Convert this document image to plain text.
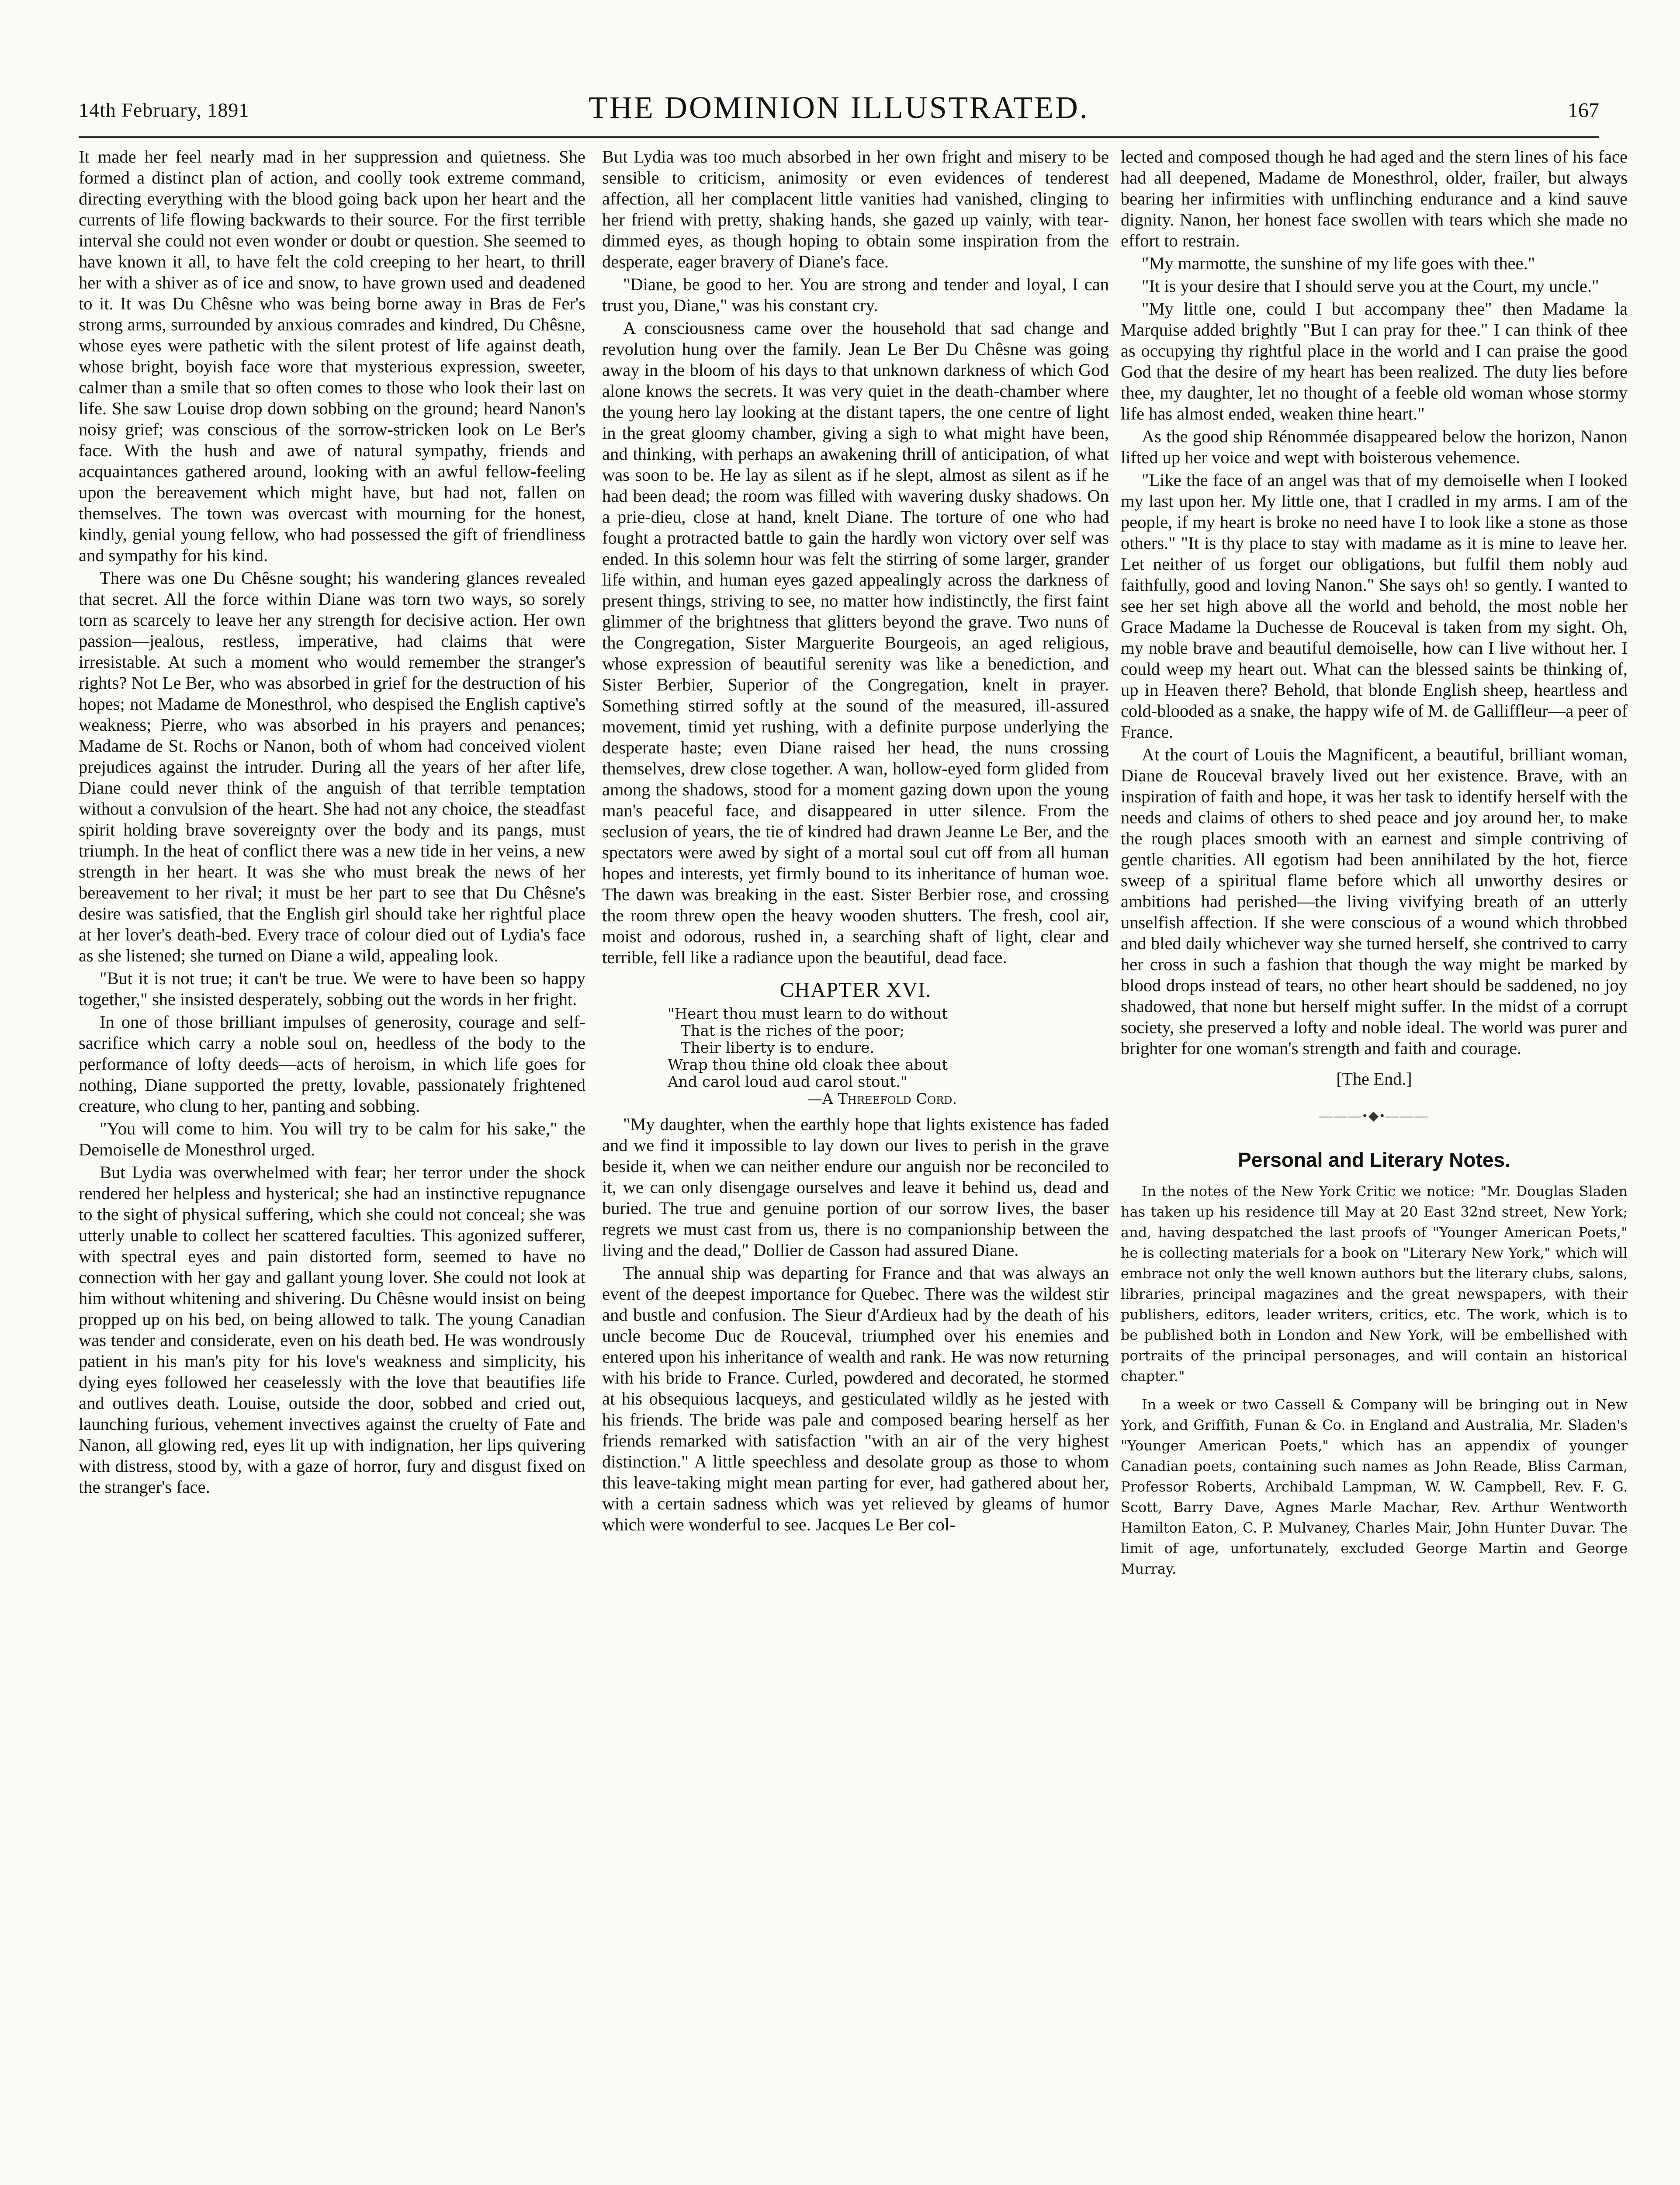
14th February, 1891	THE DOMINION ILLUSTRATED.	167

It made her feel nearly mad in her suppression and quietness. She formed a distinct plan of action, and coolly took extreme command, directing everything with the blood going back upon her heart and the currents of life flowing backwards to their source. For the first terrible interval she could not even wonder or doubt or question. She seemed to have known it all, to have felt the cold creeping to her heart, to thrill her with a shiver as of ice and snow, to have grown used and deadened to it. It was Du Chêsne who was being borne away in Bras de Fer's strong arms, surrounded by anxious comrades and kindred, Du Chêsne, whose eyes were pathetic with the silent protest of life against death, whose bright, boyish face wore that mysterious expression, sweeter, calmer than a smile that so often comes to those who look their last on life. She saw Louise drop down sobbing on the ground; heard Nanon's noisy grief; was conscious of the sorrow-stricken look on Le Ber's face. With the hush and awe of natural sympathy, friends and acquaintances gathered around, looking with an awful fellow-feeling upon the bereavement which might have, but had not, fallen on themselves. The town was overcast with mourning for the honest, kindly, genial young fellow, who had possessed the gift of friendliness and sympathy for his kind.

There was one Du Chêsne sought; his wandering glances revealed that secret. All the force within Diane was torn two ways, so sorely torn as scarcely to leave her any strength for decisive action. Her own passion—jealous, restless, imperative, had claims that were irresistable. At such a moment who would remember the stranger's rights? Not Le Ber, who was absorbed in grief for the destruction of his hopes; not Madame de Monesthrol, who despised the English captive's weakness; Pierre, who was absorbed in his prayers and penances; Madame de St. Rochs or Nanon, both of whom had conceived violent prejudices against the intruder. During all the years of her after life, Diane could never think of the anguish of that terrible temptation without a convulsion of the heart. She had not any choice, the steadfast spirit holding brave sovereignty over the body and its pangs, must triumph. In the heat of conflict there was a new tide in her veins, a new strength in her heart. It was she who must break the news of her bereavement to her rival; it must be her part to see that Du Chêsne's desire was satisfied, that the English girl should take her rightful place at her lover's death-bed. Every trace of colour died out of Lydia's face as she listened; she turned on Diane a wild, appealing look.

"But it is not true; it can't be true. We were to have been so happy together," she insisted desperately, sobbing out the words in her fright.

In one of those brilliant impulses of generosity, courage and self-sacrifice which carry a noble soul on, heedless of the body to the performance of lofty deeds—acts of heroism, in which life goes for nothing, Diane supported the pretty, lovable, passionately frightened creature, who clung to her, panting and sobbing.

"You will come to him. You will try to be calm for his sake," the Demoiselle de Monesthrol urged.

But Lydia was overwhelmed with fear; her terror under the shock rendered her helpless and hysterical; she had an instinctive repugnance to the sight of physical suffering, which she could not conceal; she was utterly unable to collect her scattered faculties. This agonized sufferer, with spectral eyes and pain distorted form, seemed to have no connection with her gay and gallant young lover. She could not look at him without whitening and shivering. Du Chêsne would insist on being propped up on his bed, on being allowed to talk. The young Canadian was tender and considerate, even on his death bed. He was wondrously patient in his man's pity for his love's weakness and simplicity, his dying eyes followed her ceaselessly with the love that beautifies life and outlives death. Louise, outside the door, sobbed and cried out, launching furious, vehement invectives against the cruelty of Fate and Nanon, all glowing red, eyes lit up with indignation, her lips quivering with distress, stood by, with a gaze of horror, fury and disgust fixed on the stranger's face.

But Lydia was too much absorbed in her own fright and misery to be sensible to criticism, animosity or even evidences of tenderest affection, all her complacent little vanities had vanished, clinging to her friend with pretty, shaking hands, she gazed up vainly, with tear-dimmed eyes, as though hoping to obtain some inspiration from the desperate, eager bravery of Diane's face.

"Diane, be good to her. You are strong and tender and loyal, I can trust you, Diane," was his constant cry.

A consciousness came over the household that sad change and revolution hung over the family. Jean Le Ber Du Chêsne was going away in the bloom of his days to that unknown darkness of which God alone knows the secrets. It was very quiet in the death-chamber where the young hero lay looking at the distant tapers, the one centre of light in the great gloomy chamber, giving a sigh to what might have been, and thinking, with perhaps an awakening thrill of anticipation, of what was soon to be. He lay as silent as if he slept, almost as silent as if he had been dead; the room was filled with wavering dusky shadows. On a prie-dieu, close at hand, knelt Diane. The torture of one who had fought a protracted battle to gain the hardly won victory over self was ended. In this solemn hour was felt the stirring of some larger, grander life within, and human eyes gazed appealingly across the darkness of present things, striving to see, no matter how indistinctly, the first faint glimmer of the brightness that glitters beyond the grave. Two nuns of the Congregation, Sister Marguerite Bourgeois, an aged religious, whose expression of beautiful serenity was like a benediction, and Sister Berbier, Superior of the Congregation, knelt in prayer. Something stirred softly at the sound of the measured, ill-assured movement, timid yet rushing, with a definite purpose underlying the desperate haste; even Diane raised her head, the nuns crossing themselves, drew close together. A wan, hollow-eyed form glided from among the shadows, stood for a moment gazing down upon the young man's peaceful face, and disappeared in utter silence. From the seclusion of years, the tie of kindred had drawn Jeanne Le Ber, and the spectators were awed by sight of a mortal soul cut off from all human hopes and interests, yet firmly bound to its inheritance of human woe. The dawn was breaking in the east. Sister Berbier rose, and crossing the room threw open the heavy wooden shutters. The fresh, cool air, moist and odorous, rushed in, a searching shaft of light, clear and terrible, fell like a radiance upon the beautiful, dead face.

CHAPTER XVI.
"Heart thou must learn to do without
That is the riches of the poor;
Their liberty is to endure.
Wrap thou thine old cloak thee about
And carol loud aud carol stout."
—A Threefold Cord.

"My daughter, when the earthly hope that lights existence has faded and we find it impossible to lay down our lives to perish in the grave beside it, when we can neither endure our anguish nor be reconciled to it, we can only disengage ourselves and leave it behind us, dead and buried. The true and genuine portion of our sorrow lives, the baser regrets we must cast from us, there is no companionship between the living and the dead," Dollier de Casson had assured Diane.

The annual ship was departing for France and that was always an event of the deepest importance for Quebec. There was the wildest stir and bustle and confusion. The Sieur d'Ardieux had by the death of his uncle become Duc de Rouceval, triumphed over his enemies and entered upon his inheritance of wealth and rank. He was now returning with his bride to France. Curled, powdered and decorated, he stormed at his obsequious lacqueys, and gesticulated wildly as he jested with his friends. The bride was pale and composed bearing herself as her friends remarked with satisfaction "with an air of the very highest distinction." A little speechless and desolate group as those to whom this leave-taking might mean parting for ever, had gathered about her, with a certain sadness which was yet relieved by gleams of humor which were wonderful to see. Jacques Le Ber col-

lected and composed though he had aged and the stern lines of his face had all deepened, Madame de Monesthrol, older, frailer, but always bearing her infirmities with unflinching endurance and a kind sauve dignity. Nanon, her honest face swollen with tears which she made no effort to restrain.

"My marmotte, the sunshine of my life goes with thee."

"It is your desire that I should serve you at the Court, my uncle."

"My little one, could I but accompany thee" then Madame la Marquise added brightly "But I can pray for thee." I can think of thee as occupying thy rightful place in the world and I can praise the good God that the desire of my heart has been realized. The duty lies before thee, my daughter, let no thought of a feeble old woman whose stormy life has almost ended, weaken thine heart."

As the good ship Rénommée disappeared below the horizon, Nanon lifted up her voice and wept with boisterous vehemence.

"Like the face of an angel was that of my demoiselle when I looked my last upon her. My little one, that I cradled in my arms. I am of the people, if my heart is broke no need have I to look like a stone as those others." "It is thy place to stay with madame as it is mine to leave her. Let neither of us forget our obligations, but fulfil them nobly aud faithfully, good and loving Nanon." She says oh! so gently. I wanted to see her set high above all the world and behold, the most noble her Grace Madame la Duchesse de Rouceval is taken from my sight. Oh, my noble brave and beautiful demoiselle, how can I live without her. I could weep my heart out. What can the blessed saints be thinking of, up in Heaven there? Behold, that blonde English sheep, heartless and cold-blooded as a snake, the happy wife of M. de Galliffleur—a peer of France.

At the court of Louis the Magnificent, a beautiful, brilliant woman, Diane de Rouceval bravely lived out her existence. Brave, with an inspiration of faith and hope, it was her task to identify herself with the needs and claims of others to shed peace and joy around her, to make the rough places smooth with an earnest and simple contriving of gentle charities. All egotism had been annihilated by the hot, fierce sweep of a spiritual flame before which all unworthy desires or ambitions had perished—the living vivifying breath of an utterly unselfish affection. If she were conscious of a wound which throbbed and bled daily whichever way she turned herself, she contrived to carry her cross in such a fashion that though the way might be marked by blood drops instead of tears, no other heart should be saddened, no joy shadowed, that none but herself might suffer. In the midst of a corrupt society, she preserved a lofty and noble ideal. The world was purer and brighter for one woman's strength and faith and courage.

[The End.]
———•◆•———
Personal and Literary Notes.

In the notes of the New York Critic we notice: "Mr. Douglas Sladen has taken up his residence till May at 20 East 32nd street, New York; and, having despatched the last proofs of "Younger American Poets," he is collecting materials for a book on "Literary New York," which will embrace not only the well known authors but the literary clubs, salons, libraries, principal magazines and the great newspapers, with their publishers, editors, leader writers, critics, etc. The work, which is to be published both in London and New York, will be embellished with portraits of the principal personages, and will contain an historical chapter."

In a week or two Cassell & Company will be bringing out in New York, and Griffith, Funan & Co. in England and Australia, Mr. Sladen's "Younger American Poets," which has an appendix of younger Canadian poets, containing such names as John Reade, Bliss Carman, Professor Roberts, Archibald Lampman, W. W. Campbell, Rev. F. G. Scott, Barry Dave, Agnes Marle Machar, Rev. Arthur Wentworth Hamilton Eaton, C. P. Mulvaney, Charles Mair, John Hunter Duvar. The limit of age, unfortunately, excluded George Martin and George Murray.
